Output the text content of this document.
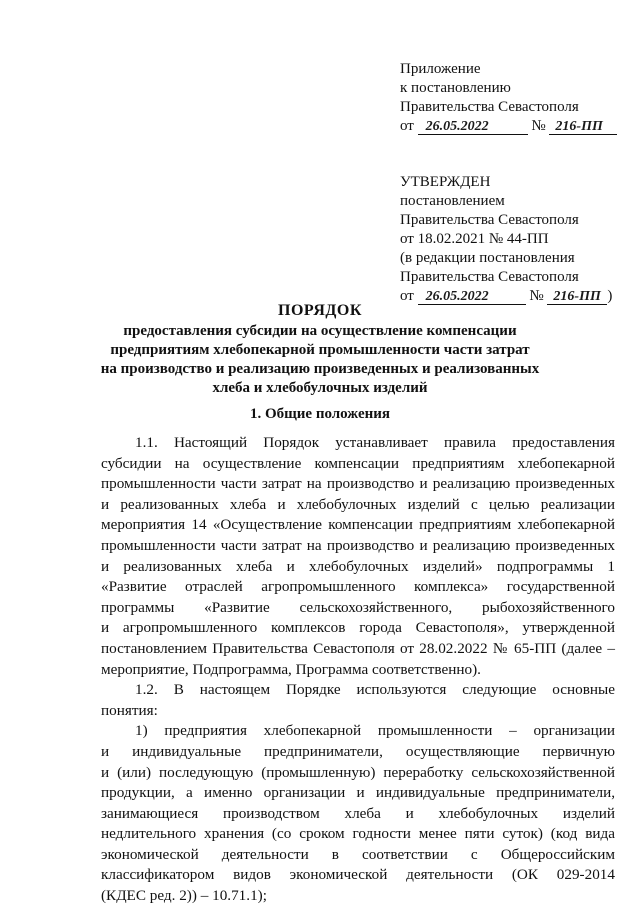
Приложение
к постановлению
Правительства Севастополя
от 26.05.2022	№ 216-ПП
УТВЕРЖДЕН
постановлением
Правительства Севастополя
от 18.02.2021 № 44-ПП
(в редакции постановления
Правительства Севастополя
от 26.05.2022	№ 216-ПП )
ПОРЯДОК
предоставления субсидии на осуществление компенсации
предприятиям хлебопекарной промышленности части затрат
на производство и реализацию произведенных и реализованных
хлеба и хлебобулочных изделий
1. Общие положения
1.1. Настоящий Порядок устанавливает правила предоставления
субсидии на осуществление компенсации предприятиям хлебопекарной
промышленности части затрат на производство и реализацию произведенных
и реализованных хлеба и хлебобулочных изделий с целью реализации
мероприятия 14 «Осуществление компенсации предприятиям хлебопекарной
промышленности части затрат на производство и реализацию произведенных
и реализованных хлеба и хлебобулочных изделий» подпрограммы 1
«Развитие отраслей агропромышленного комплекса» государственной
программы «Развитие сельскохозяйственного, рыбохозяйственного
и агропромышленного комплексов города Севастополя», утвержденной
постановлением Правительства Севастополя от 28.02.2022 № 65-ПП (далее –
мероприятие, Подпрограмма, Программа соответственно).
1.2. В настоящем Порядке используются следующие основные
понятия:
1) предприятия хлебопекарной промышленности – организации
и индивидуальные предприниматели, осуществляющие первичную
и (или) последующую (промышленную) переработку сельскохозяйственной
продукции, а именно организации и индивидуальные предприниматели,
занимающиеся производством хлеба и хлебобулочных изделий
недлительного хранения (со сроком годности менее пяти суток) (код вида
экономической деятельности в соответствии с Общероссийским
классификатором видов экономической деятельности (ОК 029-2014
(КДЕС ред. 2)) – 10.71.1);
